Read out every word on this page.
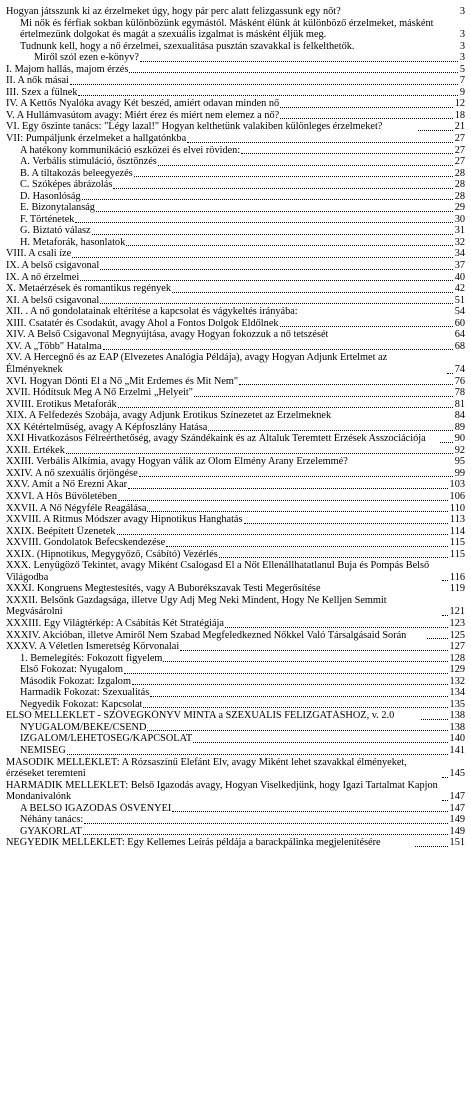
Hogyan játsszunk ki az érzelmeket úgy, hogy pár perc alatt felizgassunk egy nőt?	3
Mi nők és férfiak sokban különbözünk egymástól. Másként élünk át különböző érzelmeket, másként értelmezünk dolgokat és magát a szexuális izgalmat is másként éljük meg.	3
Tudnunk kell, hogy a nő érzelmei, szexualitása pusztán szavakkal is felkelthetők.	3
Miről szól ezen e-könyv?	3
I. Majom hallás, majom érzés	5
II. A nők másai	7
III. Szex a fülnek	9
IV. A Kettős Nyalóka avagy Két beszéd, amiért odavan minden nő	12
V. A Hullámvasútom avagy: Miért érez és miért nem elemez a nő?	18
VI. Egy őszinte tanács: "Légy lazal!" Hogyan kelthetünk valakiben különleges érzelmeket?	21
VII: Pumpáljunk érzelmeket a hallgatónkba	27
A hatékony kommunikáció eszközei és elvei röviden:	27
A. Verbális stimuláció, ösztönzés	27
B. A tiltakozás beleegyezés	28
C. Szóképes ábrázolás	28
D. Hasonlóság	28
E. Bizonytalanság	29
F. Történetek	30
G. Biztató válasz	31
H. Metaforák, hasonlatok	32
VIII. A csali íze	34
IX. A belső csigavonal	37
IX. A nő érzelmei	40
X. Metaérzések és romantikus regények	42
XI. A belső csigavonal	51
XII. . A nő gondolatainak eltérítése a kapcsolat és vágykeltés irányába:	54
XIII. Csatatér és Csodakút, avagy Ahol a Fontos Dolgok Eldőlnek	60
XIV. A Belső Csigavonal Megnyújtása, avagy Hogyan fokozzuk a nő tetszését	64
XV. A „Több" Hatalma	68
XV. A Hercegnő és az EAP (Elvezetes Analógia Példája), avagy Hogyan Adjunk Ertelmet az Élményeknek	74
XVI. Hogyan Dönti El a Nő „Mit Érdemes és Mit Nem"	76
XVII. Hódítsuk Meg A Nő Érzelmi „Helyeit"	78
XVIII. Erotikus Metaforák	81
XIX. A Felfedezés Szobája, avagy Adjunk Erotikus Színezetet az Érzelmeknek	84
XX Kétértelműség, avagy A Képfoszlány Hatása	89
XXI Hivatkozásos Félreérthetőség, avagy Szándékaink és az Általuk Teremtett Érzések Asszociációja	90
XXII. Értékek	92
XXIII. Verbális Alkímia, avagy Hogyan válik az Olom Elmény Arany Erzelemmé?	95
XXIV. A nő szexuális őrjöngése	99
XXV. Amit a Nő Érezni Akar	103
XXVI. A Hős Bűvöletében	106
XXVII. A Nő Négyféle Reagálása	110
XXVIII. A Ritmus Módszer avagy Hipnotikus Hanghatás	113
XXIX. Beépített Üzenetek	114
XXVIII. Gondolatok Befecskendezése	115
XXIX. (Hipnotikus, Megygyőző, Csábító) Vezérlés	115
XXX. Lenyűgöző Tekintet, avagy Miként Csalogasd El a Nőt Ellenállhatatlanul Buja és Pompás Belső Világodba	116
XXXI. Kongruens Megtestesítés, vagy A Buborékszavak Testi Megerősítése	119
XXXII. Belsőnk Gazdagsága, illetve Úgy Adj Meg Neki Mindent, Hogy Ne Kelljen Semmit Megvásárolni	121
XXXIII. Egy Világtérkép: A Csábítás Két Stratégiája	123
XXXIV. Akcióban, illetve Amiről Nem Szabad Megfeledkezned Nőkkel Való Társalgásaid Során	125
XXXV. A Véletlen Ismeretség Körvonalai	127
1. Bemelegítés: Fokozott figyelem	128
Első Fokozat: Nyugalom	129
Második Fokozat: Izgalom	132
Harmadik Fokozat: Szexualitás	134
Negyedik Fokozat: Kapcsolat	135
ELSŐ MELLÉKLET - SZÖVEGKÖNYV MINTA a SZEXUÁLIS FELIZGATÁSHOZ, v. 2.0	138
NYUGALOM/BEKE/CSEND	138
IZGALOM/LEHETŐSÉG/KAPCSOLAT	140
NEMISÉG	141
MÁSODIK MELLÉKLET: A Rózsaszínű Elefánt Elv, avagy Miként lehet szavakkal élményeket, érzéseket teremteni	145
HARMADIK MELLÉKLET: Belső Igazodás avagy, Hogyan Viselkedjünk, hogy Igazi Tartalmat Kapjon Mondanivalónk	147
A BELSŐ IGAZODÁS ÖSVÉNYEI	147
Néhány tanács:	149
GYAKORLAT	149
NEGYEDIK MELLÉKLET: Egy Kellemes Leírás példája a barackpálinka megjelenítésére	151
